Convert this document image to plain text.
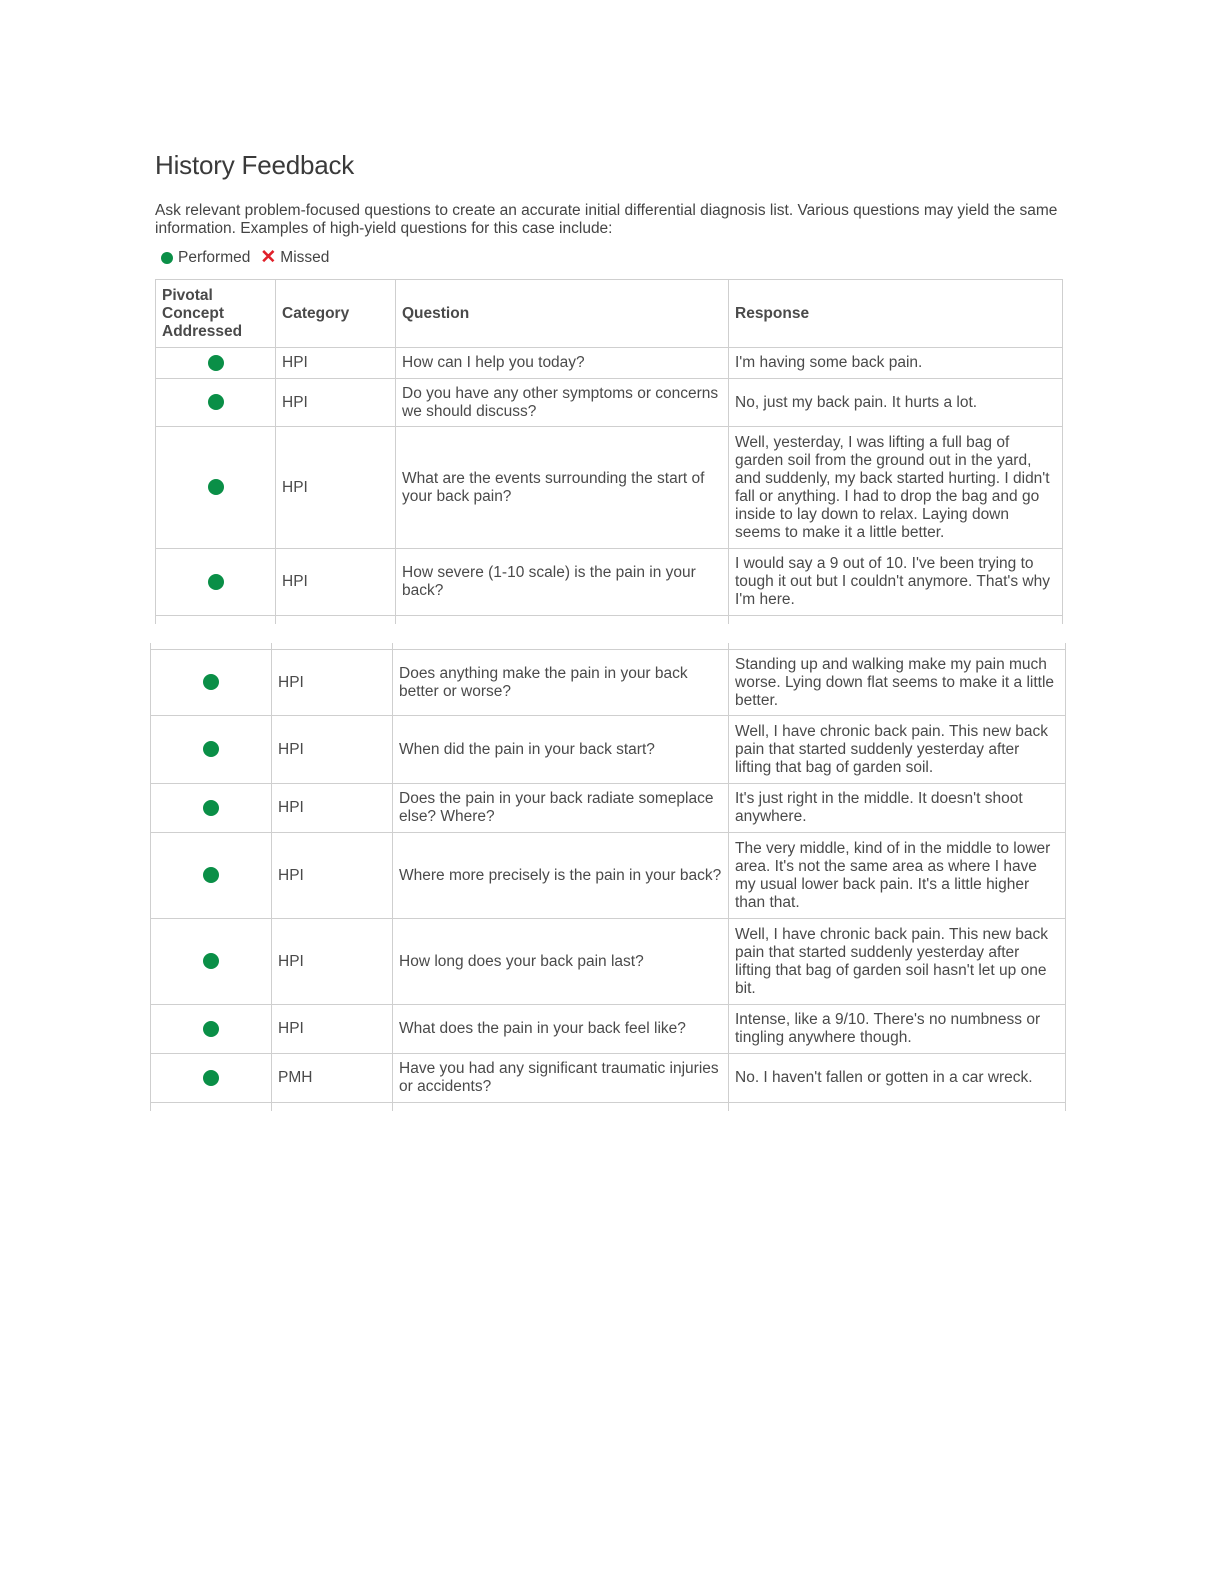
History Feedback

Ask relevant problem-focused questions to create an accurate initial differential diagnosis list. Various questions may yield the same information. Examples of high-yield questions for this case include:

Performed ✕ Missed
Pivotal Concept Addressed	Category	Question	Response
	HPI	How can I help you today?	I'm having some back pain.
	HPI	Do you have any other symptoms or concerns we should discuss?	No, just my back pain. It hurts a lot.
	HPI	What are the events surrounding the start of your back pain?	Well, yesterday, I was lifting a full bag of garden soil from the ground out in the yard, and suddenly, my back started hurting. I didn't fall or anything. I had to drop the bag and go inside to lay down to relax. Laying down seems to make it a little better.
	HPI	How severe (1-10 scale) is the pain in your back?	I would say a 9 out of 10. I've been trying to tough it out but I couldn't anymore. That's why I'm here.

	HPI	Does anything make the pain in your back better or worse?	Standing up and walking make my pain much worse. Lying down flat seems to make it a little better.
	HPI	When did the pain in your back start?	Well, I have chronic back pain. This new back pain that started suddenly yesterday after lifting that bag of garden soil.
	HPI	Does the pain in your back radiate someplace else? Where?	It's just right in the middle. It doesn't shoot anywhere.
	HPI	Where more precisely is the pain in your back?	The very middle, kind of in the middle to lower area. It's not the same area as where I have my usual lower back pain. It's a little higher than that.
	HPI	How long does your back pain last?	Well, I have chronic back pain. This new back pain that started suddenly yesterday after lifting that bag of garden soil hasn't let up one bit.
	HPI	What does the pain in your back feel like?	Intense, like a 9/10. There's no numbness or tingling anywhere though.
	PMH	Have you had any significant traumatic injuries or accidents?	No. I haven't fallen or gotten in a car wreck.
